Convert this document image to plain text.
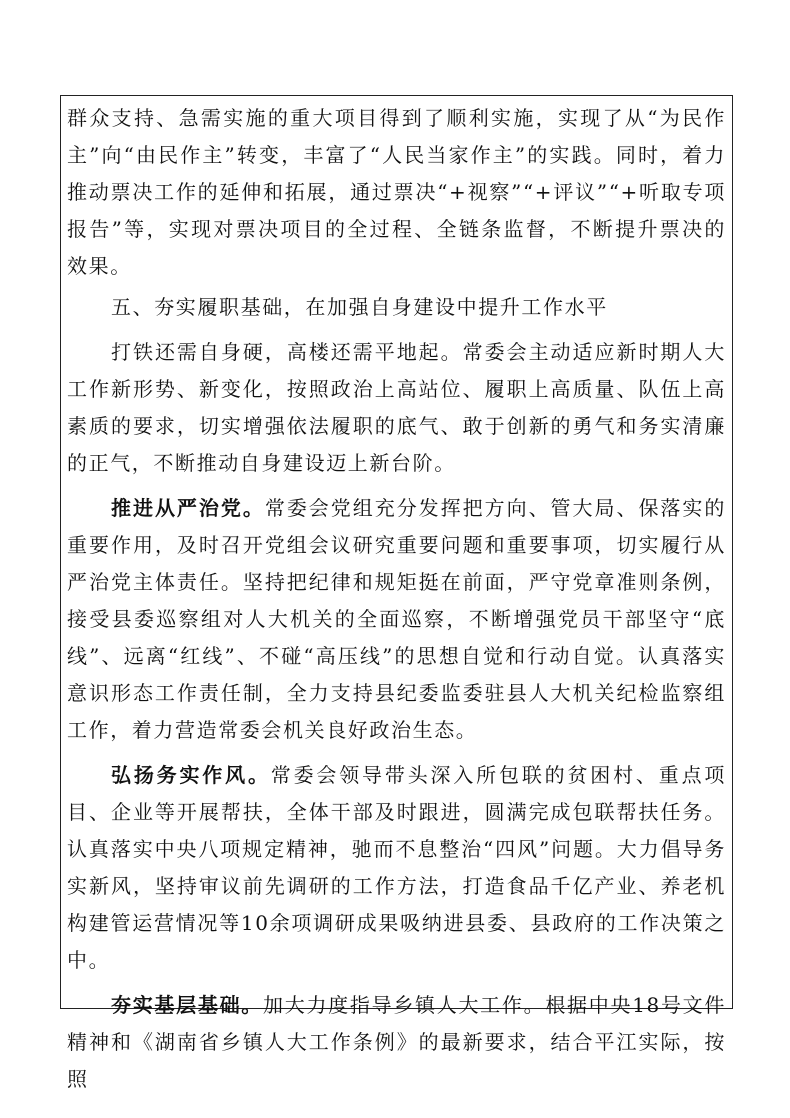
群众支持、急需实施的重大项目得到了顺利实施，实现了从“为民作主”向“由民作主”转变，丰富了“人民当家作主”的实践。同时，着力推动票决工作的延伸和拓展，通过票决“+视察”“+评议”“+听取专项报告”等，实现对票决项目的全过程、全链条监督，不断提升票决的效果。

五、夯实履职基础，在加强自身建设中提升工作水平

打铁还需自身硬，高楼还需平地起。常委会主动适应新时期人大工作新形势、新变化，按照政治上高站位、履职上高质量、队伍上高素质的要求，切实增强依法履职的底气、敢于创新的勇气和务实清廉的正气，不断推动自身建设迈上新台阶。

推进从严治党。常委会党组充分发挥把方向、管大局、保落实的重要作用，及时召开党组会议研究重要问题和重要事项，切实履行从严治党主体责任。坚持把纪律和规矩挺在前面，严守党章准则条例，接受县委巡察组对人大机关的全面巡察，不断增强党员干部坚守“底线”、远离“红线”、不碰“高压线”的思想自觉和行动自觉。认真落实意识形态工作责任制，全力支持县纪委监委驻县人大机关纪检监察组工作，着力营造常委会机关良好政治生态。

弘扬务实作风。常委会领导带头深入所包联的贫困村、重点项目、企业等开展帮扶，全体干部及时跟进，圆满完成包联帮扶任务。认真落实中央八项规定精神，驰而不息整治“四风”问题。大力倡导务实新风，坚持审议前先调研的工作方法，打造食品千亿产业、养老机构建管运营情况等10余项调研成果吸纳进县委、县政府的工作决策之中。

夯实基层基础。加大力度指导乡镇人大工作。根据中央18号文件精神和《湖南省乡镇人大工作条例》的最新要求，结合平江实际，按照
